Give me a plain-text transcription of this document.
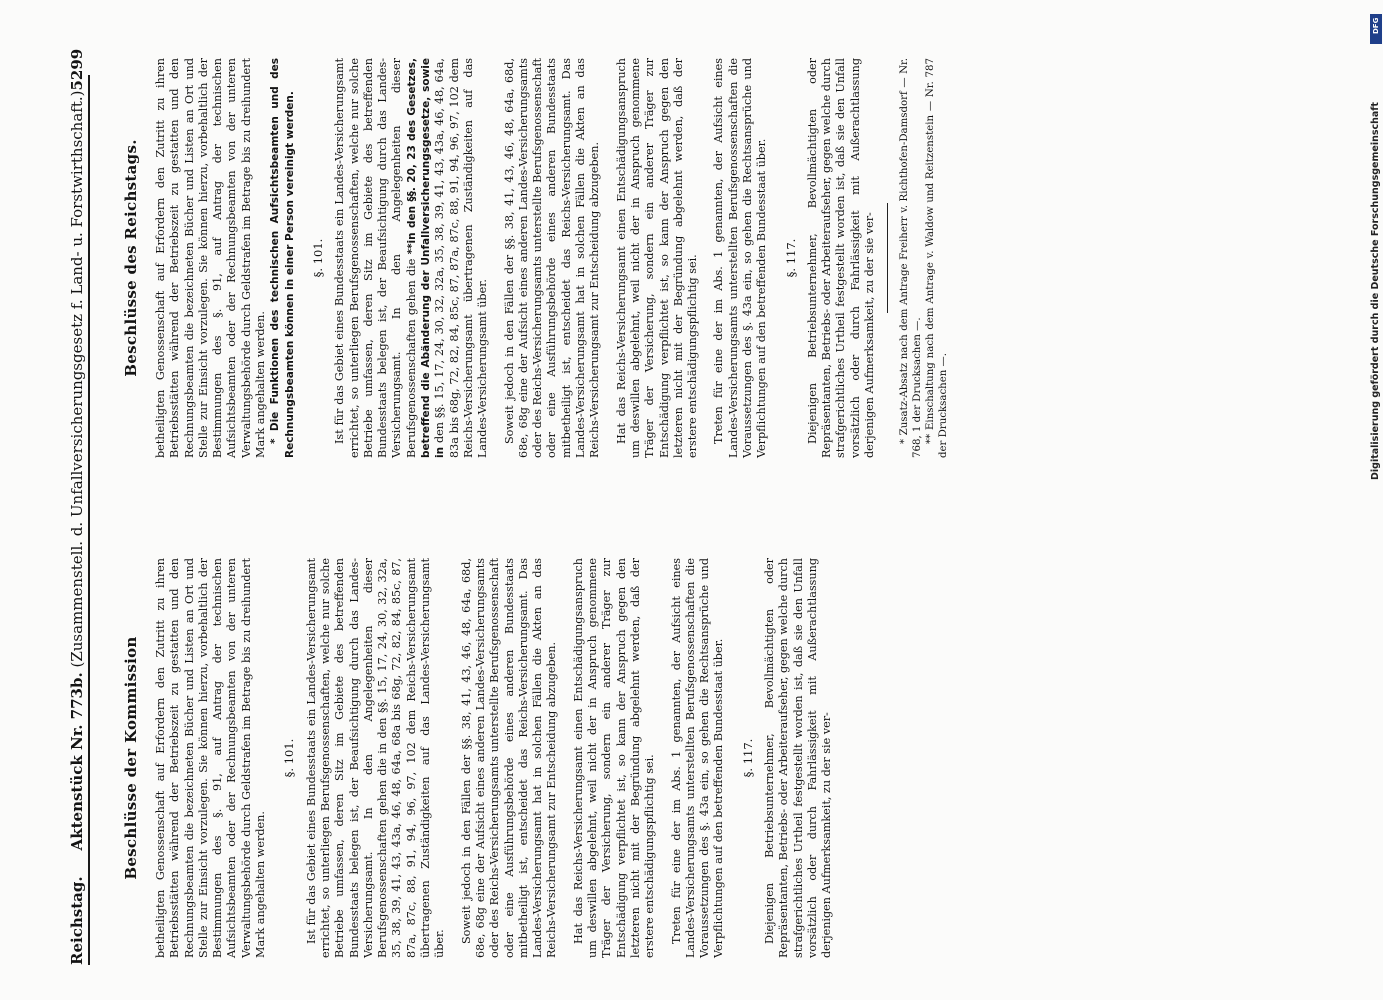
Reichstag.
Aktenstück Nr. 773b. (Zusammenstell. d. Unfallversicherungsgesetz f. Land- u. Forstwirthschaft.)
5299
Beschlüsse der Kommission betheiligten Genossenschaft auf Erfordern den Zutritt zu ihren Betriebsstätten während der Betriebszeit zu gestatten und den Rechnungsbeamten die bezeichneten Bücher und Listen an Ort und Stelle zur Einsicht vorzulegen. Sie können hierzu, vorbehaltlich der Bestimmungen des §. 91, auf Antrag der technischen Aufsichtsbeamten oder der Rechnungsbeamten von der unteren Verwaltungsbehörde durch Geldstrafen im Betrage bis zu dreihundert Mark angehalten werden.

§. 101. Ist für das Gebiet eines Bundesstaats ein Landes-Versicherungsamt errichtet, so unterliegen Berufsgenossenschaften, welche nur solche Betriebe umfassen, deren Sitz im Gebiete des betreffenden Bundesstaats belegen ist, der Beaufsichtigung durch das Landes-Versicherungsamt. In den Angelegenheiten dieser Berufsgenossenschaften gehen die in den §§. 15, 17, 24, 30, 32, 32a, 35, 38, 39, 41, 43, 43a, 46, 48, 64a, 68a bis 68g, 72, 82, 84, 85c, 87, 87a, 87c, 88, 91, 94, 96, 97, 102 dem Reichs-Versicherungsamt übertragenen Zuständigkeiten auf das Landes-Versicherungsamt über. Soweit jedoch in den Fällen der §§. 38, 41, 43, 46, 48, 64a, 68d, 68e, 68g eine der Aufsicht eines anderen Landes-Versicherungsamts oder des Reichs-Versicherungsamts unterstellte Berufsgenossenschaft oder eine Ausführungsbehörde eines anderen Bundesstaats mitbetheiligt ist, entscheidet das Reichs-Versicherungsamt. Das Landes-Versicherungsamt hat in solchen Fällen die Akten an das Reichs-Versicherungsamt zur Entscheidung abzugeben. Hat das Reichs-Versicherungsamt einen Entschädigungsanspruch um deswillen abgelehnt, weil nicht der in Anspruch genommene Träger der Versicherung, sondern ein anderer Träger zur Entschädigung verpflichtet ist, so kann der Anspruch gegen den letzteren nicht mit der Begründung abgelehnt werden, daß der erstere entschädigungspflichtig sei. Treten für eine der im Abs. 1 genannten, der Aufsicht eines Landes-Versicherungsamts unterstellten Berufsgenossenschaften die Voraussetzungen des §. 43a ein, so gehen die Rechtsansprüche und Verpflichtungen auf den betreffenden Bundesstaat über. §. 117. Diejenigen Betriebsunternehmer, Bevollmächtigten oder Repräsentanten, Betriebs- oder Arbeiteraufseher, gegen welche durch strafgerichtliches Urtheil festgestellt worden ist, daß sie den Unfall vorsätzlich oder durch Fahrlässigkeit mit Außerachtlassung derjenigen Aufmerksamkeit, zu der sie ver-

Beschlüsse des Reichstags. betheiligten Genossenschaft auf Erfordern den Zutritt zu ihren Betriebsstätten während der Betriebszeit zu gestatten und den Rechnungsbeamten die bezeichneten Bücher und Listen an Ort und Stelle zur Einsicht vorzulegen. Sie können hierzu, vorbehaltlich der Bestimmungen des §. 91, auf Antrag der technischen Aufsichtsbeamten oder der Rechnungsbeamten von der unteren Verwaltungsbehörde durch Geldstrafen im Betrage bis zu dreihundert Mark angehalten werden. * Die Funktionen des technischen Aufsichtsbeamten und des Rechnungsbeamten können in einer Person vereinigt werden. §. 101. Ist für das Gebiet eines Bundesstaats ein Landes-Versicherungsamt errichtet, so unterliegen Berufsgenossenschaften, welche nur solche Betriebe umfassen, deren Sitz im Gebiete des betreffenden Bundesstaats belegen ist, der Beaufsichtigung durch das Landes-Versicherungsamt. In den Angelegenheiten dieser Berufsgenossenschaften gehen die **in den §§. 20, 23 des Gesetzes, betreffend die Abänderung der Unfallversicherungsgesetze, sowie in den §§. 15, 17, 24, 30, 32, 32a, 35, 38, 39, 41, 43, 43a, 46, 48, 64a, 83a bis 68g, 72, 82, 84, 85c, 87, 87a, 87c, 88, 91, 94, 96, 97, 102 dem Reichs-Versicherungsamt übertragenen Zuständigkeiten auf das Landes-Versicherungsamt über. Soweit jedoch in den Fällen der §§. 38, 41, 43, 46, 48, 64a, 68d, 68e, 68g eine der Aufsicht eines anderen Landes-Versicherungsamts oder des Reichs-Versicherungsamts unterstellte Berufsgenossenschaft oder eine Ausführungsbehörde eines anderen Bundesstaats mitbetheiligt ist, entscheidet das Reichs-Versicherungsamt. Das Landes-Versicherungsamt hat in solchen Fällen die Akten an das Reichs-Versicherungsamt zur Entscheidung abzugeben. Hat das Reichs-Versicherungsamt einen Entschädigungsanspruch um deswillen abgelehnt, weil nicht der in Anspruch genommene Träger der Versicherung, sondern ein anderer Träger zur Entschädigung verpflichtet ist, so kann der Anspruch gegen den letzteren nicht mit der Begründung abgelehnt werden, daß der erstere entschädigungspflichtig sei. Treten für eine der im Abs. 1 genannten, der Aufsicht eines Landes-Versicherungsamts unterstellten Berufsgenossenschaften die Voraussetzungen des §. 43a ein, so gehen die Rechtsansprüche und Verpflichtungen auf den betreffenden Bundesstaat über. §. 117. Diejenigen Betriebsunternehmer, Bevollmächtigten oder Repräsentanten, Betriebs- oder Arbeiteraufseher, gegen welche durch strafgerichtliches Urtheil festgestellt worden ist, daß sie den Unfall vorsätzlich oder durch Fahrlässigkeit mit Außerachtlassung derjenigen Aufmerksamkeit, zu der sie ver- * Zusatz-Absatz nach dem Antrage Freiherr v. Richthofen-Damsdorf — Nr. 768, 1 der Drucksachen —. ** Einschaltung nach dem Antrage v. Waldow und Reitzenstein — Nr. 787 der Drucksachen —.

DFG
Digitalisierung gefördert durch die Deutsche Forschungsgemeinschaft
